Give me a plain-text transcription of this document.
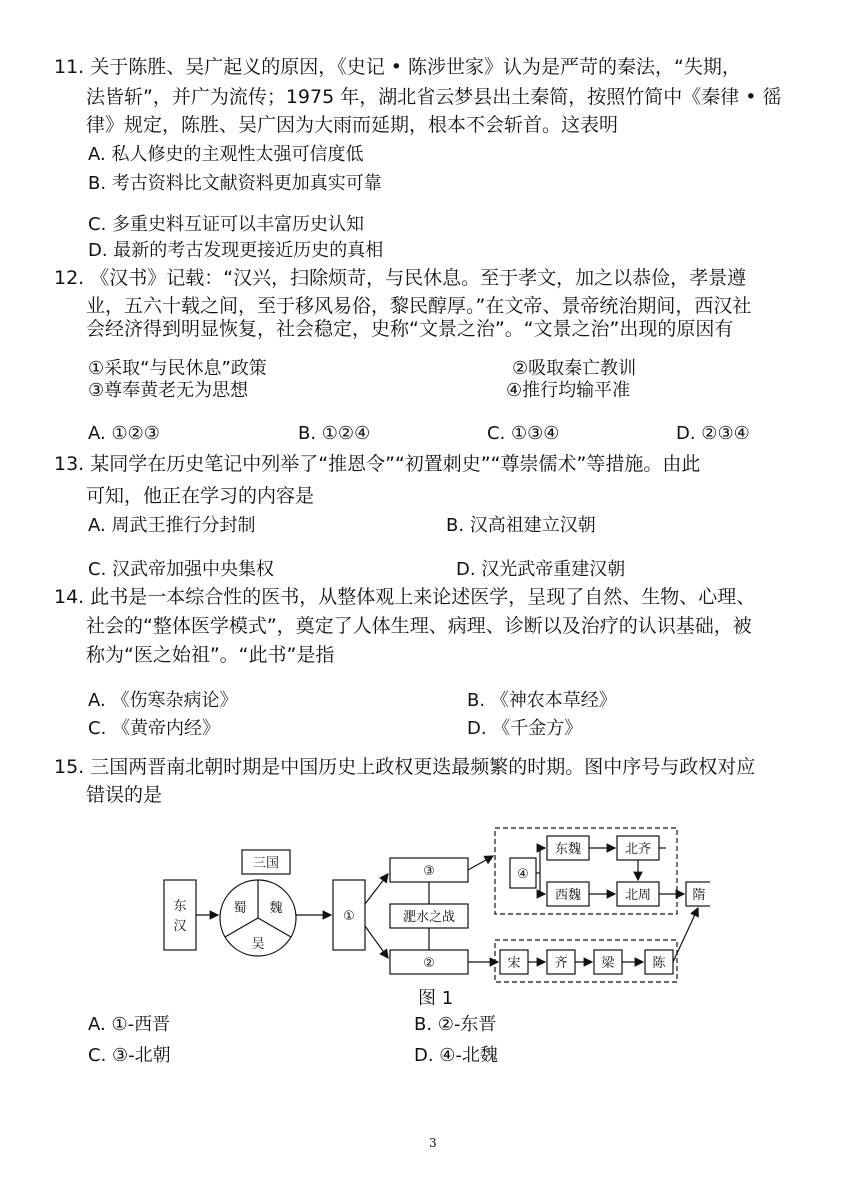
11. 关于陈胜、吴广起义的原因，《史记 • 陈涉世家》认为是严苛的秦法，“失期，
法皆斩”，并广为流传；1975 年，湖北省云梦县出土秦简，按照竹简中《秦律 • 徭
律》规定，陈胜、吴广因为大雨而延期，根本不会斩首。这表明
A. 私人修史的主观性太强可信度低
B. 考古资料比文献资料更加真实可靠
C. 多重史料互证可以丰富历史认知
D. 最新的考古发现更接近历史的真相
12. 《汉书》记载：“汉兴，扫除烦苛，与民休息。至于孝文，加之以恭俭，孝景遵
业，五六十载之间，至于移风易俗，黎民醇厚。”在文帝、景帝统治期间，西汉社
会经济得到明显恢复，社会稳定，史称“文景之治”。“文景之治”出现的原因有
①采取“与民休息”政策	②吸取秦亡教训
③尊奉黄老无为思想	④推行均输平准
A. ①②③	B. ①②④	C. ①③④	D. ②③④
13. 某同学在历史笔记中列举了“推恩令”“初置刺史”“尊崇儒术”等措施。由此
可知，他正在学习的内容是
A. 周武王推行分封制	B. 汉高祖建立汉朝
C. 汉武帝加强中央集权	D. 汉光武帝重建汉朝
14. 此书是一本综合性的医书，从整体观上来论述医学，呈现了自然、生物、心理、
社会的“整体医学模式”，奠定了人体生理、病理、诊断以及治疗的认识基础，被
称为“医之始祖”。“此书”是指
A. 《伤寒杂病论》	B. 《神农本草经》
C. 《黄帝内经》	D. 《千金方》
15. 三国两晋南北朝时期是中国历史上政权更迭最频繁的时期。图中序号与政权对应
错误的是
东
汉
三国
蜀 魏
吴
①
③
淝水之战
②
④
东魏
西魏
北齐
北周	隋
宋	齐	梁	陈
图 1
A. ①-西晋	B. ②-东晋
C. ③-北朝	D. ④-北魏
3
